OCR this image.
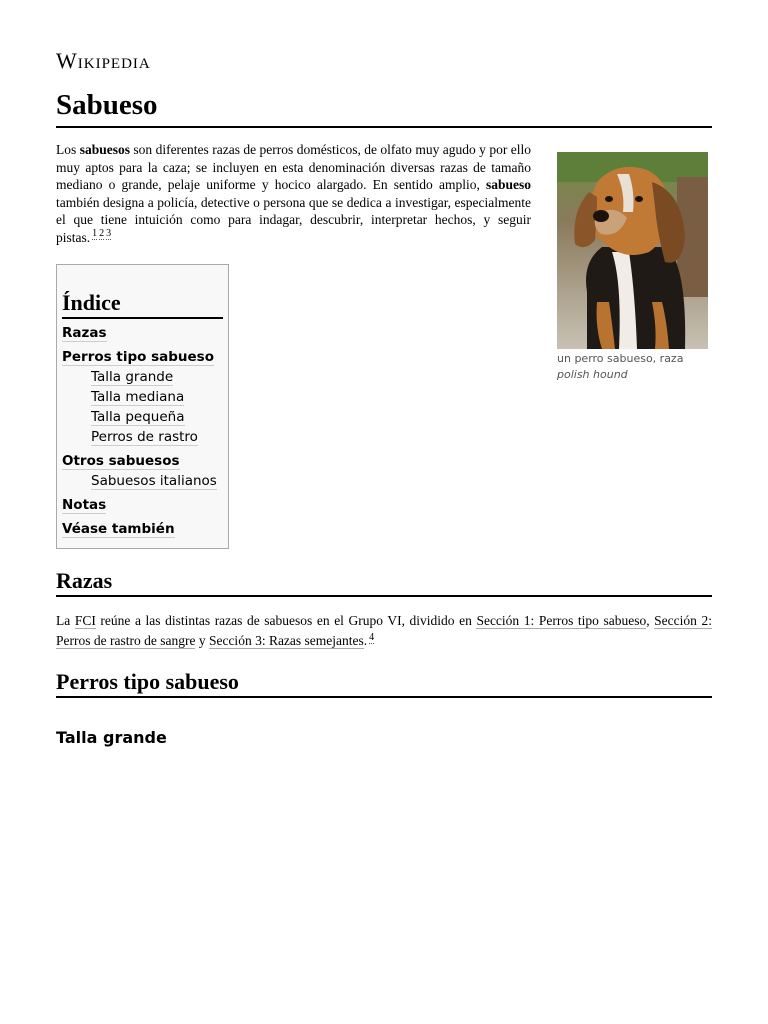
Wikipedia
Sabueso

Los sabuesos son diferentes razas de perros domésticos, de olfato muy agudo y por ello muy aptos para la caza; se incluyen en esta denominación diversas razas de tamaño mediano o grande, pelaje uniforme y hocico alargado. En sentido amplio, sabueso también designa a policía, detective o persona que se dedica a investigar, especialmente el que tiene intuición como para indagar, descubrir, interpretar hechos, y seguir pistas. $^{1 2 3}$

un perro sabueso, raza
polish hound
Índice
Razas
Perros tipo sabueso
Talla grande
Talla mediana
Talla pequeña
Perros de rastro
Otros sabuesos
Sabuesos italianos
Notas
Véase también
Razas

La FCI reúne a las distintas razas de sabuesos en el Grupo VI, dividido en Sección 1: Perros tipo sabueso, Sección 2: Perros de rastro de sangre y Sección 3: Razas semejantes. $^4$

Perros tipo sabueso
Talla grande
